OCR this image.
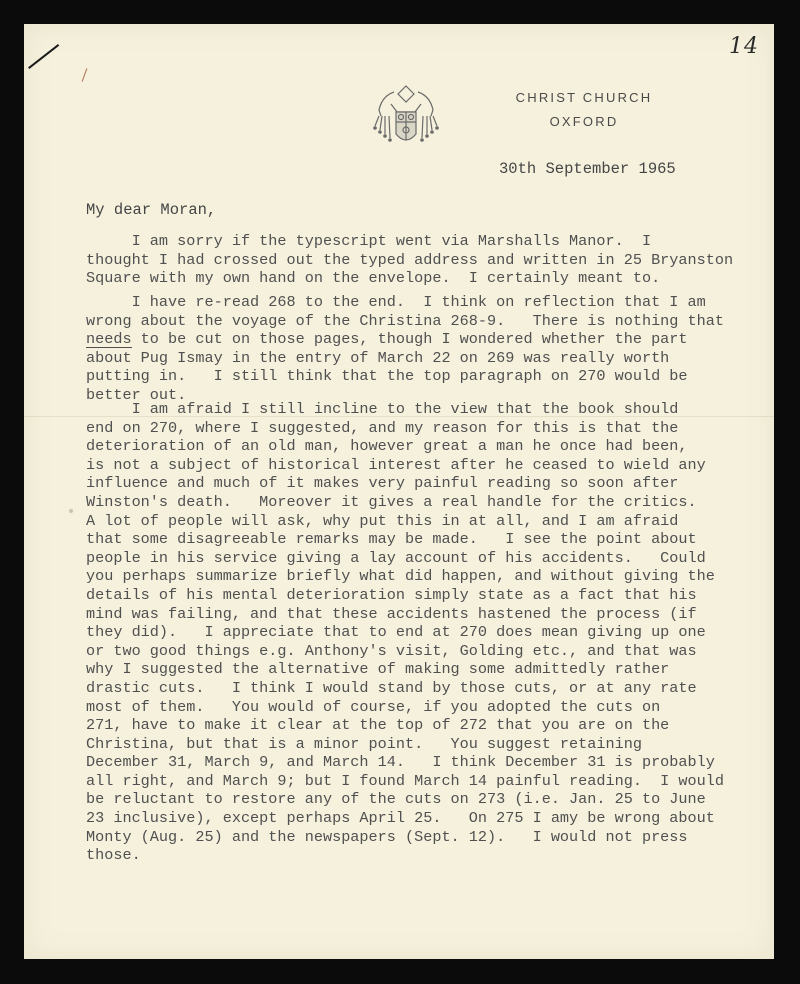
14
CHRIST CHURCH
OXFORD
30th September 1965
My dear Moran,
I am sorry if the typescript went via Marshalls Manor.  I
thought I had crossed out the typed address and written in 25 Bryanston
Square with my own hand on the envelope.  I certainly meant to.
I have re-read 268 to the end.  I think on reflection that I am
wrong about the voyage of the Christina 268-9.   There is nothing that
needs to be cut on those pages, though I wondered whether the part
about Pug Ismay in the entry of March 22 on 269 was really worth
putting in.   I still think that the top paragraph on 270 would be
better out.
I am afraid I still incline to the view that the book should
end on 270, where I suggested, and my reason for this is that the
deterioration of an old man, however great a man he once had been,
is not a subject of historical interest after he ceased to wield any
influence and much of it makes very painful reading so soon after
Winston's death.   Moreover it gives a real handle for the critics.
A lot of people will ask, why put this in at all, and I am afraid
that some disagreeable remarks may be made.   I see the point about
people in his service giving a lay account of his accidents.   Could
you perhaps summarize briefly what did happen, and without giving the
details of his mental deterioration simply state as a fact that his
mind was failing, and that these accidents hastened the process (if
they did).   I appreciate that to end at 270 does mean giving up one
or two good things e.g. Anthony's visit, Golding etc., and that was
why I suggested the alternative of making some admittedly rather
drastic cuts.   I think I would stand by those cuts, or at any rate
most of them.   You would of course, if you adopted the cuts on
271, have to make it clear at the top of 272 that you are on the
Christina, but that is a minor point.   You suggest retaining
December 31, March 9, and March 14.   I think December 31 is probably
all right, and March 9; but I found March 14 painful reading.  I would
be reluctant to restore any of the cuts on 273 (i.e. Jan. 25 to June
23 inclusive), except perhaps April 25.   On 275 I amy be wrong about
Monty (Aug. 25) and the newspapers (Sept. 12).   I would not press
those.
